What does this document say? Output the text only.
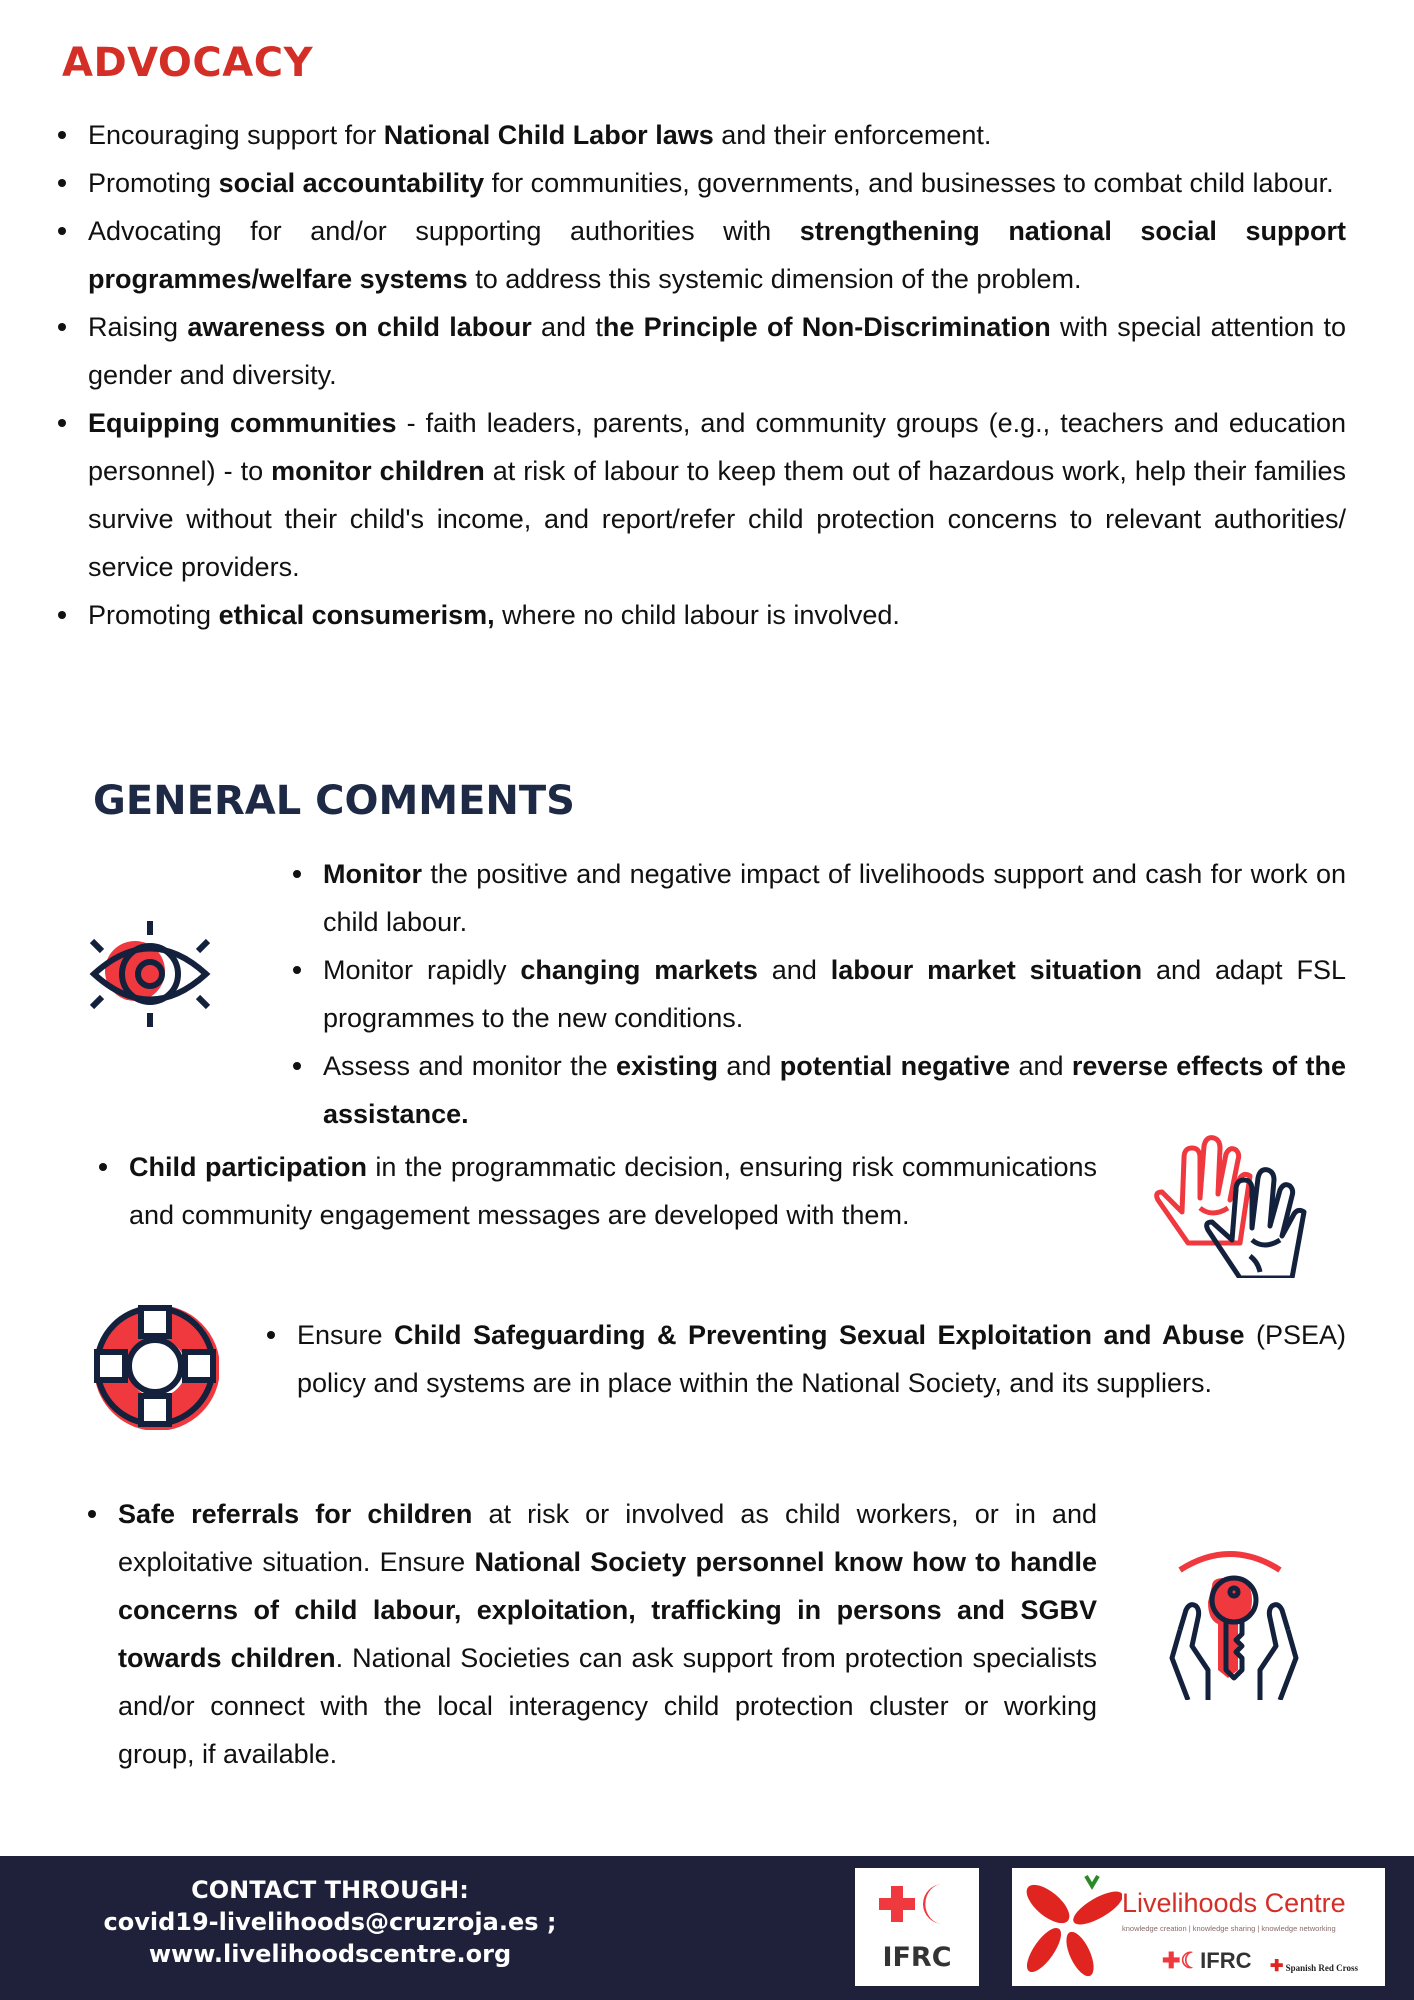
ADVOCACY
Encouraging support for National Child Labor laws and their enforcement.
Promoting social accountability for communities, governments, and businesses to combat child labour.
Advocating for and/or supporting authorities with strengthening national social support programmes/welfare systems to address this systemic dimension of the problem.
Raising awareness on child labour and the Principle of Non-Discrimination with special attention to gender and diversity.
Equipping communities - faith leaders, parents, and community groups (e.g., teachers and education personnel) - to monitor children at risk of labour to keep them out of hazardous work, help their families survive without their child's income, and report/refer child protection concerns to relevant authorities/ service providers.
Promoting ethical consumerism, where no child labour is involved.
GENERAL COMMENTS
Monitor the positive and negative impact of livelihoods support and cash for work on child labour.
Monitor rapidly changing markets and labour market situation and adapt FSL programmes to the new conditions.
Assess and monitor the existing and potential negative and reverse effects of the assistance.
Child participation in the programmatic decision, ensuring risk communications and community engagement messages are developed with them.
Ensure Child Safeguarding & Preventing Sexual Exploitation and Abuse (PSEA) policy and systems are in place within the National Society, and its suppliers.
Safe referrals for children at risk or involved as child workers, or in and exploitative situation. Ensure National Society personnel know how to handle concerns of child labour, exploitation, trafficking in persons and SGBV towards children. National Societies can ask support from protection specialists and/or connect with the local interagency child protection cluster or working group, if available.
CONTACT THROUGH:
covid19-livelihoods@cruzroja.es ;
www.livelihoodscentre.org	IFRC
Livelihoods Centre
knowledge creation | knowledge sharing | knowledge networking
✚☾IFRC ✚ Spanish Red Cross
